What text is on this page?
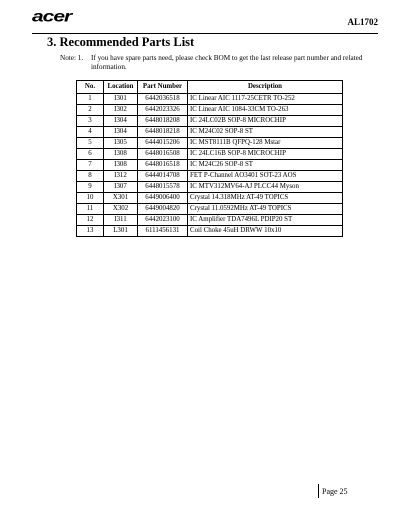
acer	AL1702
3. Recommended Parts List
Note: 1. If you have spare parts need, please check BOM to get the last release part number and related information.
No.	Location	Part Number	Description
1	I301	6442036518	IC Linear AIC 1117-25CETR TO-252
2	I302	6442023326	IC Linear AIC 1084-33CM TO-263
3	I304	6448018208	IC 24LC02B SOP-8 MICROCHIP
4	I304	6448018218	IC M24C02 SOP-8 ST
5	I305	6444015206	IC MST8111B QFPQ-128 Mstar
6	I308	6448016508	IC 24LC16B SOP-8 MICROCHIP
7	I308	6448016518	IC M24C26 SOP-8 ST
8	I312	6444014708	FET P-Channel AO3401 SOT-23 AOS
9	I307	6448015578	IC MTV312MV64-AJ PLCC44 Myson
10	X301	6449006400	Crystal 14.318MHz AT-49 TOPICS
11	X302	6449004820	Crystal 11.0592MHz AT-49 TOPICS
12	I311	6442023100	IC Amplifier TDA7496L PDIP20 ST
13	L301	6111456131	Coil Choke 45uH DRWW 10x10
Page 25
